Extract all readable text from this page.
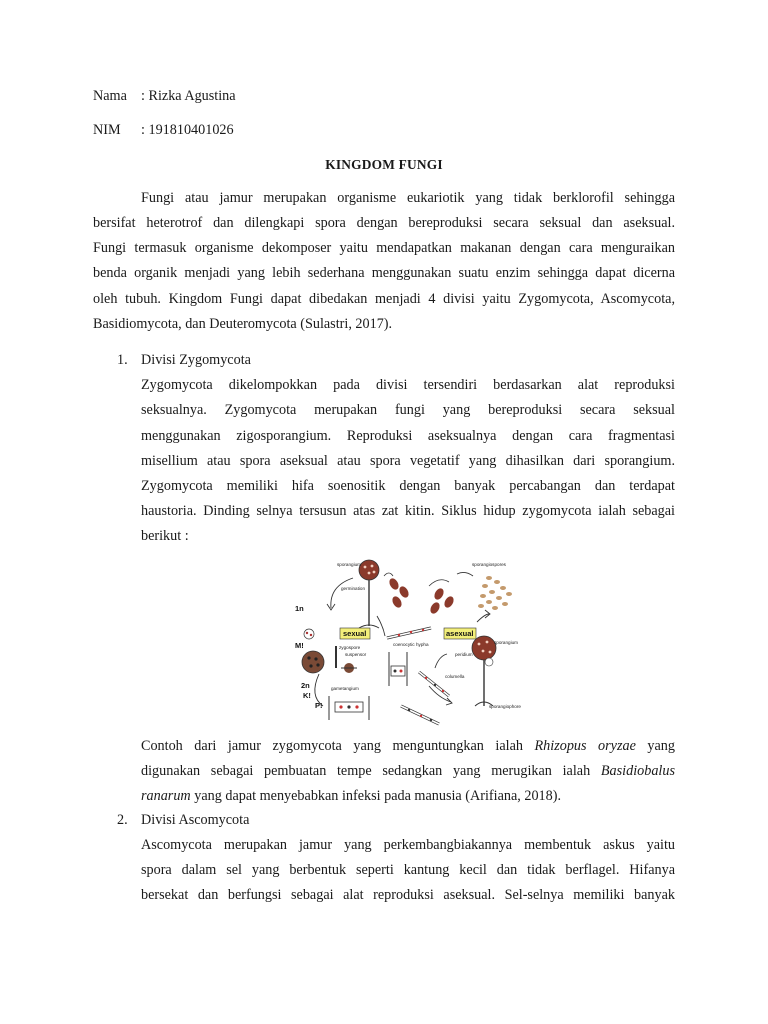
Nama : Rizka Agustina
NIM : 191810401026
KINGDOM FUNGI
Fungi atau jamur merupakan organisme eukariotik yang tidak berklorofil sehingga
bersifat heterotrof dan dilengkapi spora dengan bereproduksi secara seksual dan aseksual.
Fungi termasuk organisme dekomposer yaitu mendapatkan makanan dengan cara menguraikan
benda organik menjadi yang lebih sederhana menggunakan suatu enzim sehingga dapat dicerna
oleh tubuh. Kingdom Fungi dapat dibedakan menjadi 4 divisi yaitu Zygomycota, Ascomycota,
Basidiomycota, dan Deuteromycota (Sulastri, 2017).
1. Divisi Zygomycota
Zygomycota dikelompokkan pada divisi tersendiri berdasarkan alat reproduksi
seksualnya. Zygomycota merupakan fungi yang bereproduksi secara seksual
menggunakan zigosporangium. Reproduksi aseksualnya dengan cara fragmentasi
misellium atau spora aseksual atau spora vegetatif yang dihasilkan dari sporangium.
Zygomycota memiliki hifa soenositik dengan banyak percabangan dan terdapat
haustoria. Dinding selnya tersusun atas zat kitin. Siklus hidup zygomycota ialah sebagai
berikut :
sporangium
germination
sporangiospores
1n
sexual	asexual
M!	zygospore
suspensor
coenocytic hypha	sporangium
peridium
columella
sporangiophore
2n
K!
P!
gametangium
Contoh dari jamur zygomycota yang menguntungkan ialah Rhizopus oryzae yang
digunakan sebagai pembuatan tempe sedangkan yang merugikan ialah Basidiobalus
ranarum yang dapat menyebabkan infeksi pada manusia (Arifiana, 2018).
2. Divisi Ascomycota
Ascomycota merupakan jamur yang perkembangbiakannya membentuk askus yaitu
spora dalam sel yang berbentuk seperti kantung kecil dan tidak berflagel. Hifanya
bersekat dan berfungsi sebagai alat reproduksi aseksual. Sel-selnya memiliki banyak
